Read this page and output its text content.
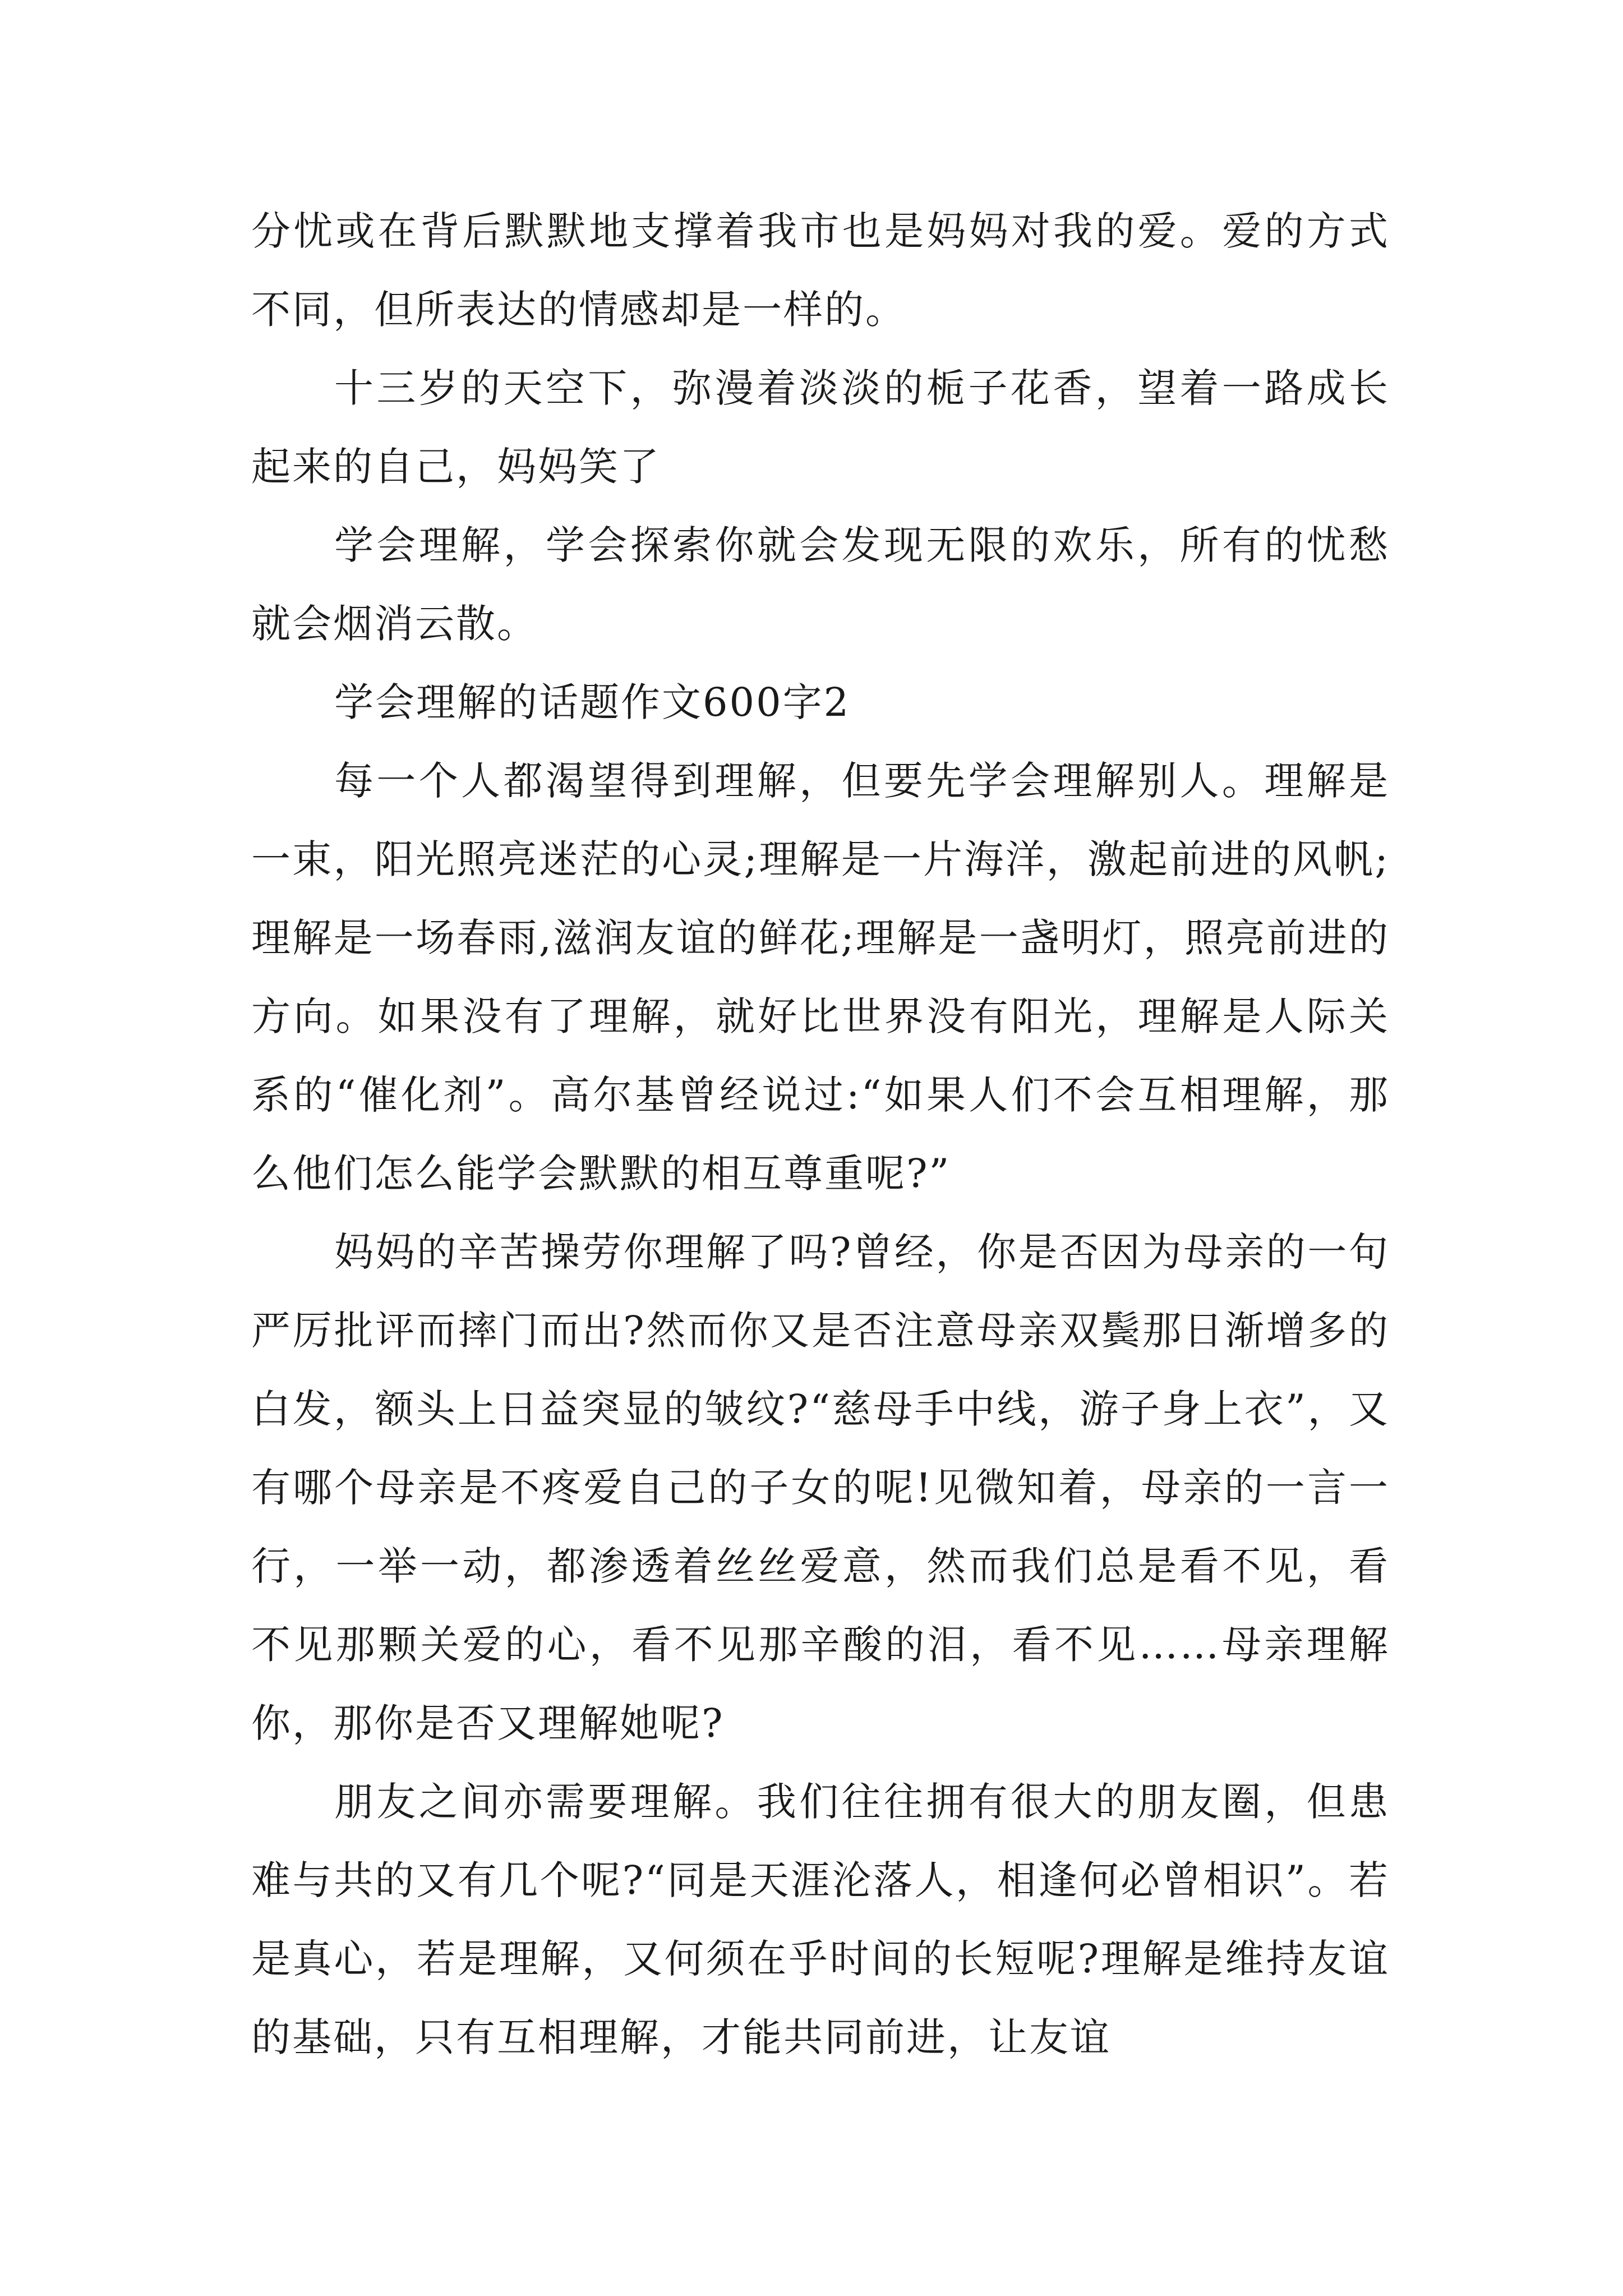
分忧或在背后默默地支撑着我市也是妈妈对我的爱。爱的方式不同，但所表达的情感却是一样的。

十三岁的天空下，弥漫着淡淡的栀子花香，望着一路成长起来的自己，妈妈笑了

学会理解，学会探索你就会发现无限的欢乐，所有的忧愁就会烟消云散。

学会理解的话题作文600字2

每一个人都渴望得到理解，但要先学会理解别人。理解是一束，阳光照亮迷茫的心灵;理解是一片海洋，激起前进的风帆;理解是一场春雨,滋润友谊的鲜花;理解是一盏明灯，照亮前进的方向。如果没有了理解，就好比世界没有阳光，理解是人际关系的“催化剂”。高尔基曾经说过:“如果人们不会互相理解，那么他们怎么能学会默默的相互尊重呢?”

妈妈的辛苦操劳你理解了吗?曾经，你是否因为母亲的一句严厉批评而摔门而出?然而你又是否注意母亲双鬓那日渐增多的白发，额头上日益突显的皱纹?“慈母手中线，游子身上衣”，又有哪个母亲是不疼爱自己的子女的呢!见微知着，母亲的一言一行，一举一动，都渗透着丝丝爱意，然而我们总是看不见，看不见那颗关爱的心，看不见那辛酸的泪，看不见……母亲理解你，那你是否又理解她呢?

朋友之间亦需要理解。我们往往拥有很大的朋友圈，但患难与共的又有几个呢?“同是天涯沦落人，相逢何必曾相识”。若是真心，若是理解，又何须在乎时间的长短呢?理解是维持友谊的基础，只有互相理解，才能共同前进，让友谊
